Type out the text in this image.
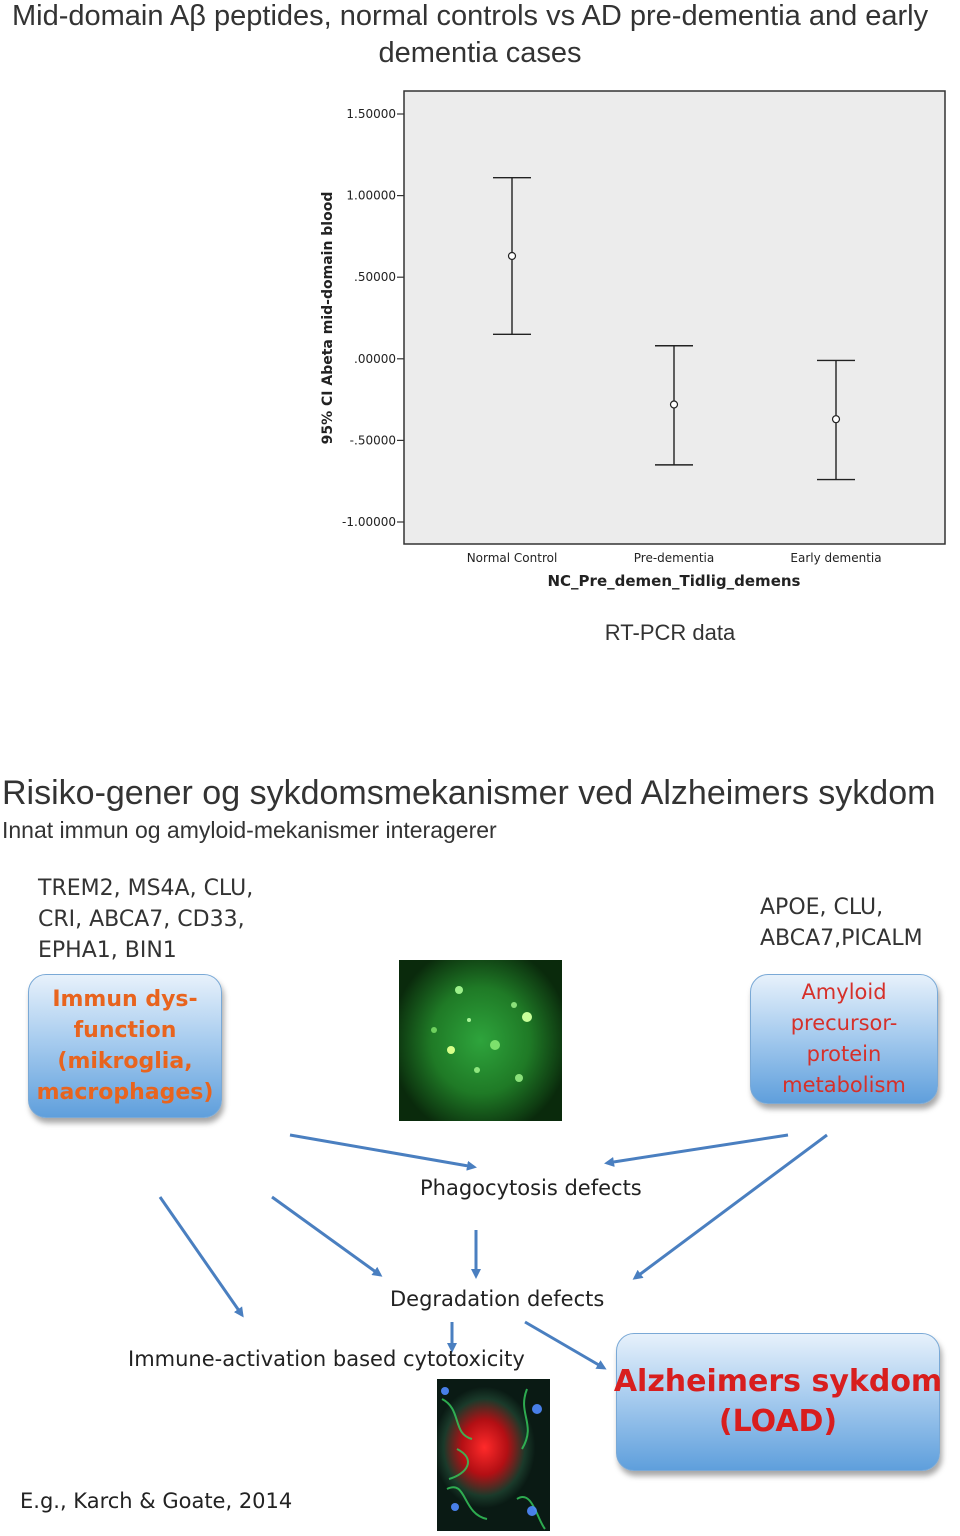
Mid-domain Aβ peptides, normal controls vs AD pre-dementia and early
dementia cases
-1.00000
-.50000
.00000
.50000
1.00000
1.50000
95% CI Abeta mid-domain blood
Normal Control	Pre-dementia	Early dementia
NC_Pre_demen_Tidlig_demens
RT-PCR data
Risiko-gener og sykdomsmekanismer ved Alzheimers sykdom
Innat immun og amyloid-mekanismer interagerer
TREM2, MS4A, CLU,
CRI, ABCA7, CD33,
EPHA1, BIN1
APOE, CLU,
ABCA7,PICALM
Immun dys-
function
(mikroglia,
macrophages)
Amyloid
precursor-
protein
metabolism
Phagocytosis defects
Degradation defects
Immune-activation based cytotoxicity
Alzheimers sykdom
(LOAD)
E.g., Karch & Goate, 2014
